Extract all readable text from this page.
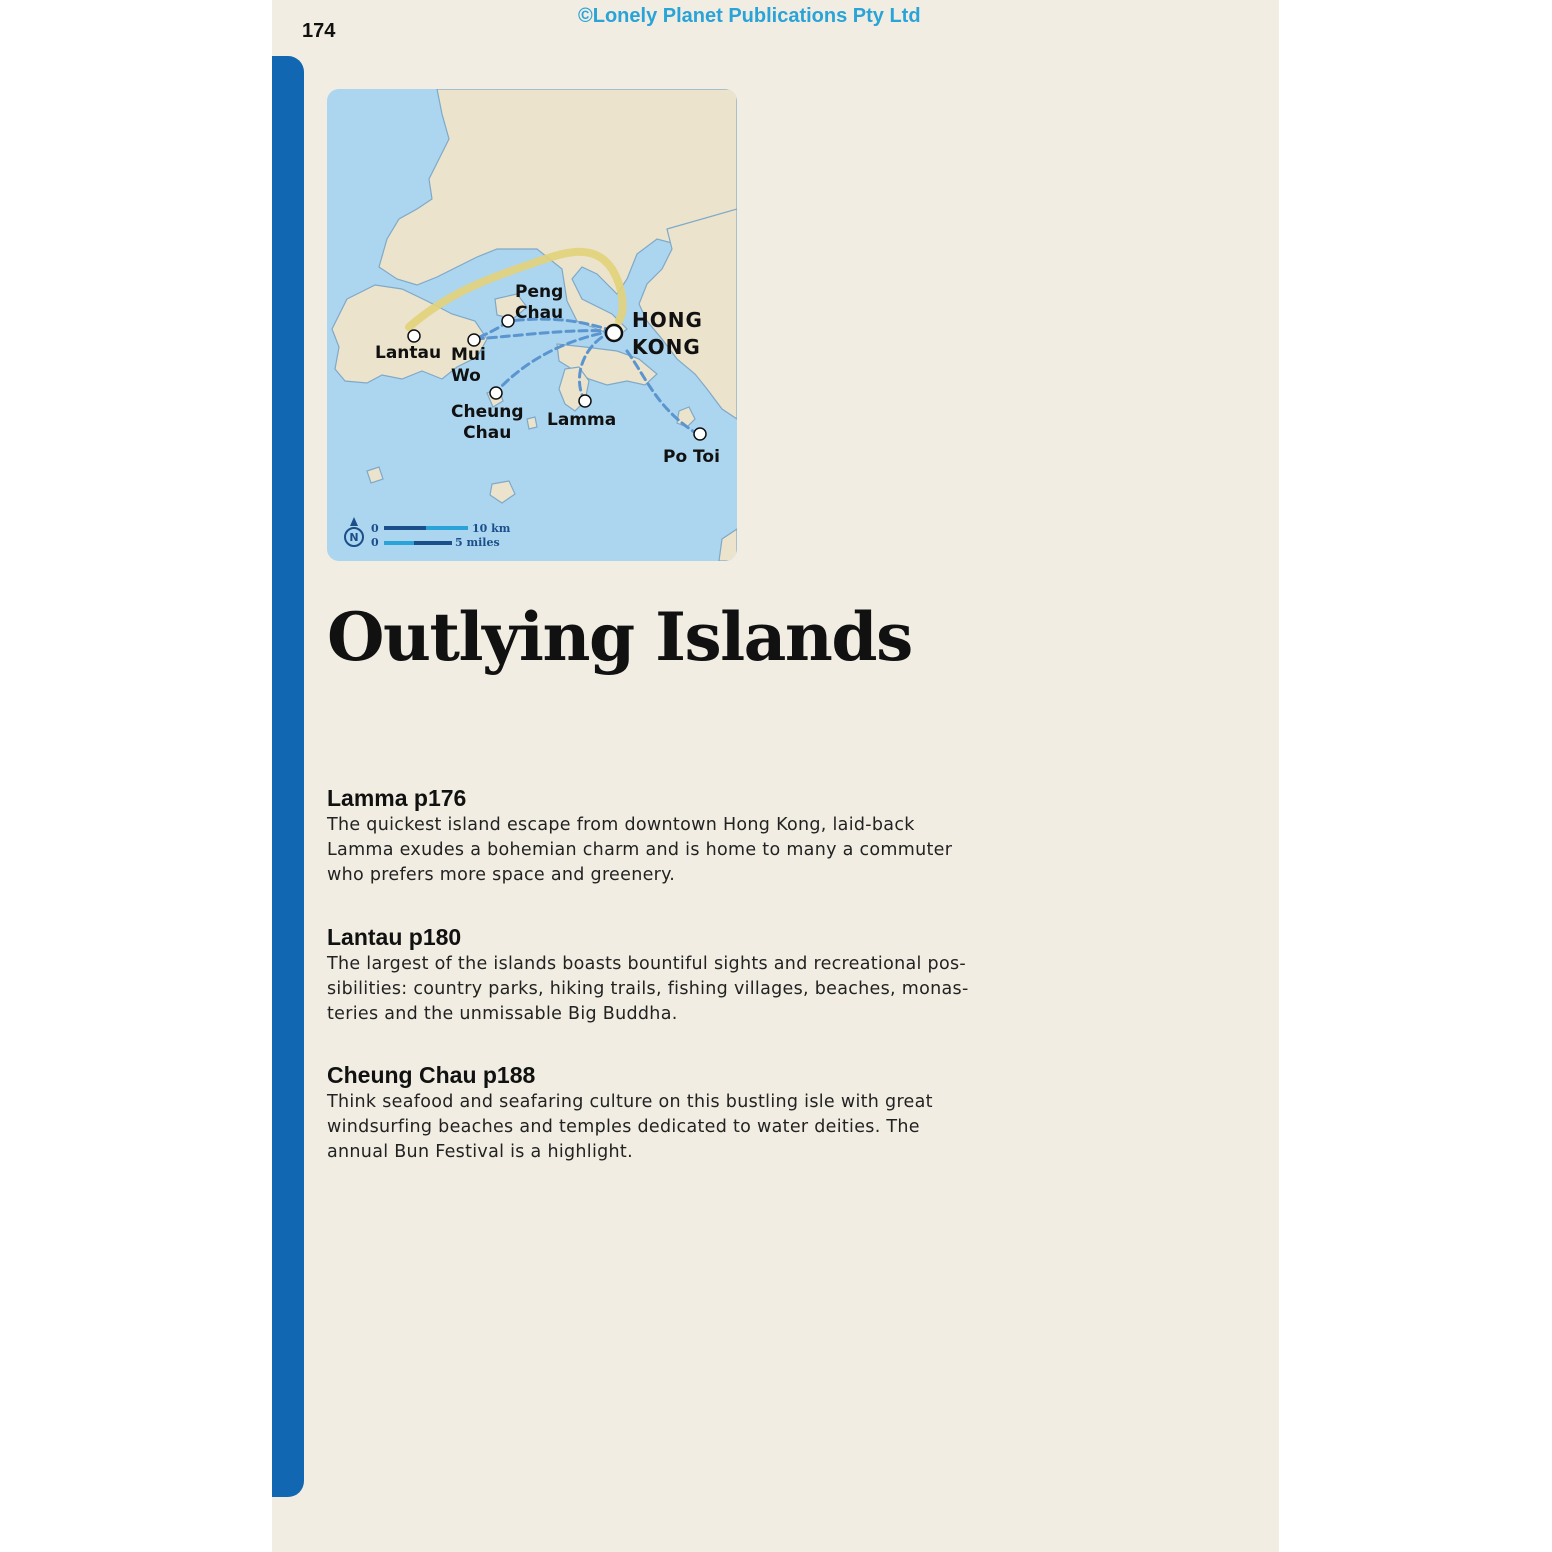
174
©Lonely Planet Publications Pty Ltd
N
Peng
Chau	HONG
KONG
Lantau Mui
Wo
Cheung
Chau
Lamma
Po Toi
0	10 km
0	5 miles
Outlying Islands
Lamma p176

The quickest island escape from downtown Hong Kong, laid-back

Lamma exudes a bohemian charm and is home to many a commuter

who prefers more space and greenery.

Lantau p180

The largest of the islands boasts bountiful sights and recreational pos-

sibilities: country parks, hiking trails, fishing villages, beaches, monas-

teries and the unmissable Big Buddha.

Cheung Chau p188

Think seafood and seafaring culture on this bustling isle with great

windsurfing beaches and temples dedicated to water deities. The

annual Bun Festival is a highlight.
